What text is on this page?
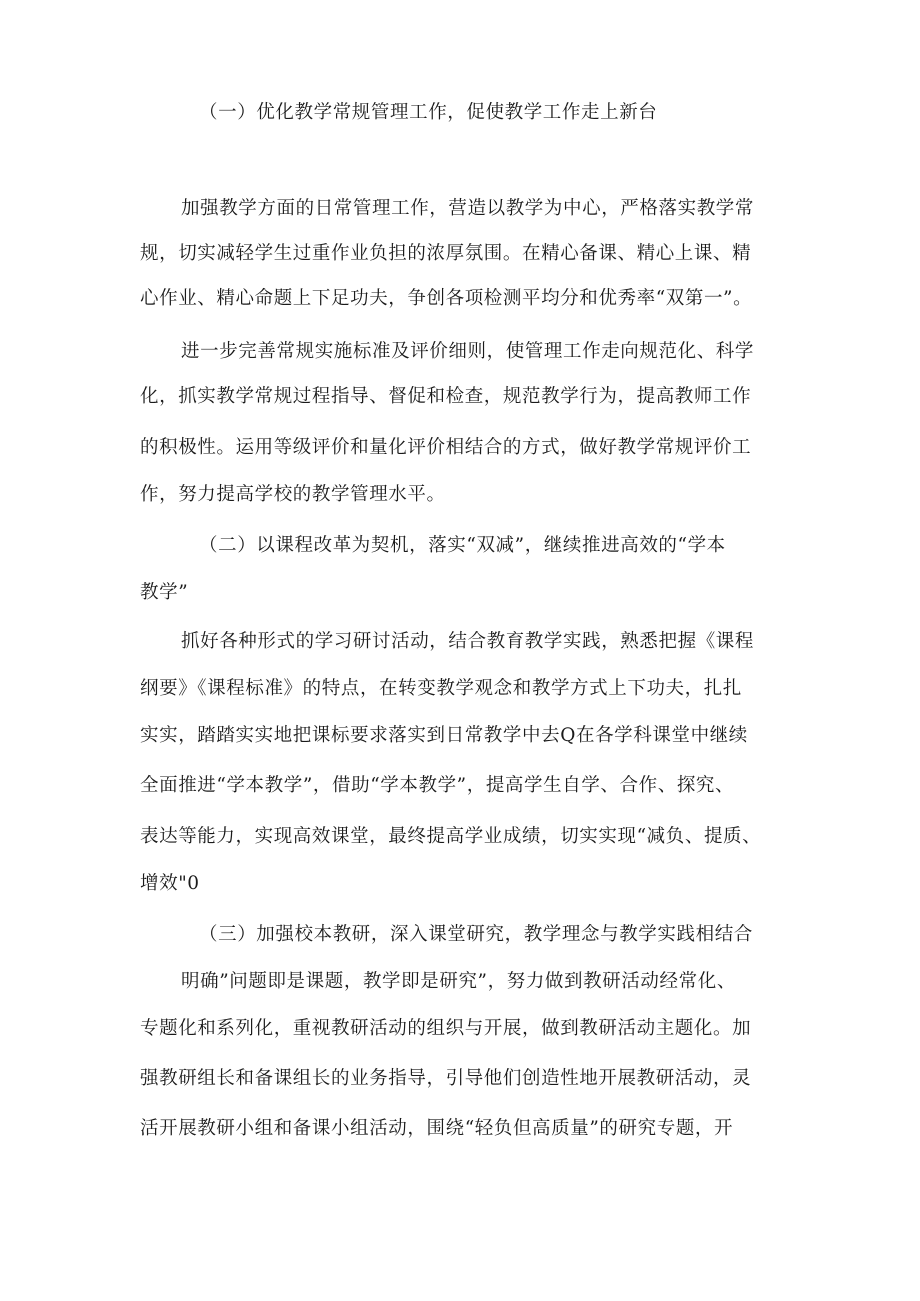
（一）优化教学常规管理工作，促使教学工作走上新台

加强教学方面的日常管理工作，营造以教学为中心，严格落实教学常

规，切实减轻学生过重作业负担的浓厚氛围。在精心备课、精心上课、精

心作业、精心命题上下足功夫，争创各项检测平均分和优秀率“双第一”。

进一步完善常规实施标准及评价细则，使管理工作走向规范化、科学

化，抓实教学常规过程指导、督促和检查，规范教学行为，提高教师工作

的积极性。运用等级评价和量化评价相结合的方式，做好教学常规评价工

作，努力提高学校的教学管理水平。

（二）以课程改革为契机，落实“双减”，继续推进高效的“学本

教学”

抓好各种形式的学习研讨活动，结合教育教学实践，熟悉把握《课程

纲要》《课程标准》的特点，在转变教学观念和教学方式上下功夫，扎扎

实实，踏踏实实地把课标要求落实到日常教学中去Q在各学科课堂中继续

全面推进“学本教学”，借助“学本教学”，提高学生自学、合作、探究、

表达等能力，实现高效课堂，最终提高学业成绩，切实实现“减负、提质、

增效"0

（三）加强校本教研，深入课堂研究，教学理念与教学实践相结合

明确”问题即是课题，教学即是研究”，努力做到教研活动经常化、

专题化和系列化，重视教研活动的组织与开展，做到教研活动主题化。加

强教研组长和备课组长的业务指导，引导他们创造性地开展教研活动，灵

活开展教研小组和备课小组活动，围绕“轻负但高质量”的研究专题，开
